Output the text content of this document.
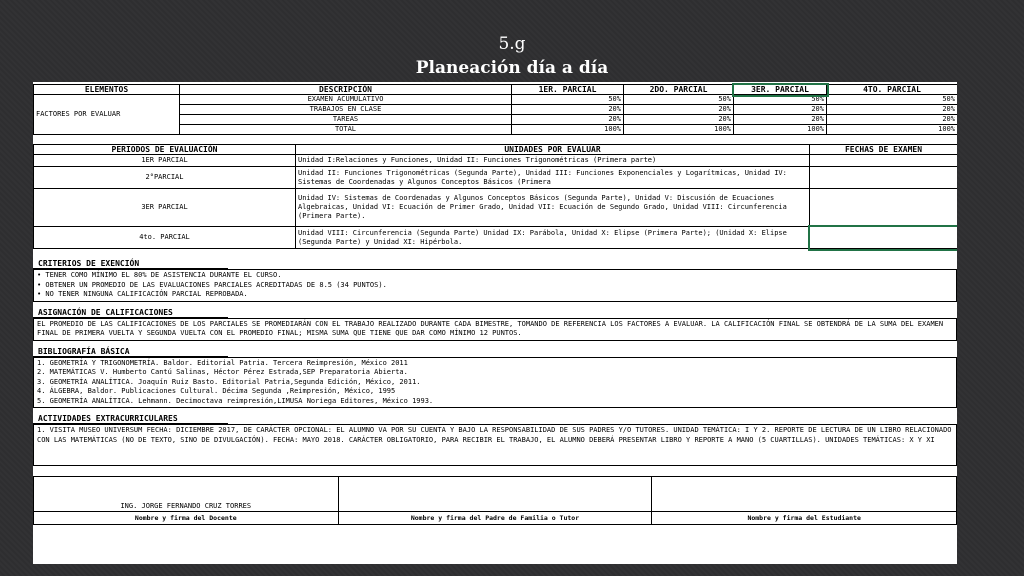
5.g
Planeación día a día
ELEMENTOS	DESCRIPCIÓN	1ER. PARCIAL	2DO. PARCIAL	3ER. PARCIAL	4TO. PARCIAL
FACTORES POR EVALUAR	EXAMEN ACUMULATIVO	50%	50%	50%	50%
	TRABAJOS EN CLASE	20%	20%	20%	20%
	TAREAS	20%	20%	20%	20%
	TOTAL	100%	100%	100%	100%
PERIODOS DE EVALUACIÓN	UNIDADES POR EVALUAR	FECHAS DE EXAMEN
1ER PARCIAL	Unidad I:Relaciones y Funciones, Unidad II: Funciones Trigonométricas (Primera parte)	
2°PARCIAL	Unidad II: Funciones Trigonométricas (Segunda Parte), Unidad III: Funciones Exponenciales y Logarítmicas, Unidad IV: Sistemas de Coordenadas y Algunos Conceptos Básicos (Primera	
3ER PARCIAL	Unidad IV: Sistemas de Coordenadas y Algunos Conceptos Básicos (Segunda Parte), Unidad V: Discusión de Ecuaciones Algebraicas, Unidad VI: Ecuación de Primer Grado, Unidad VII: Ecuación de Segundo Grado, Unidad VIII: Circunferencia (Primera Parte).	
4to. PARCIAL	Unidad VIII: Circunferencia (Segunda Parte) Unidad IX: Parábola, Unidad X: Elipse (Primera Parte); (Unidad X: Elipse (Segunda Parte) y Unidad XI: Hipérbola.	
CRITERIOS DE EXENCIÓN
• TENER COMO MÍNIMO EL 80% DE ASISTENCIA DURANTE EL CURSO.
• OBTENER UN PROMEDIO DE LAS EVALUACIONES PARCIALES ACREDITADAS DE 8.5 (34 PUNTOS).
• NO TENER NINGUNA CALIFICACIÓN PARCIAL REPROBADA.
ASIGNACIÓN DE CALIFICACIONES
EL PROMEDIO DE LAS CALIFICACIONES DE LOS PARCIALES SE PROMEDIARÁN CON EL TRABAJO REALIZADO DURANTE CADA BIMESTRE, TOMANDO DE REFERENCIA LOS FACTORES A EVALUAR. LA CALIFICACIÓN FINAL SE OBTENDRÁ DE LA SUMA DEL EXAMEN FINAL DE PRIMERA VUELTA Y SEGUNDA VUELTA CON EL PROMEDIO FINAL; MISMA SUMA QUE TIENE QUE DAR COMO MÍNIMO 12 PUNTOS.
BIBLIOGRAFÍA BÁSICA
1. GEOMETRÍA Y TRIGONOMETRÍA. Baldor. Editorial Patria. Tercera Reimpresión, México 2011
2. MATEMÁTICAS V. Humberto Cantú Salinas, Héctor Pérez Estrada,SEP Preparatoria Abierta.
3. GEOMETRÍA ANALÍTICA. Joaquín Ruiz Basto. Editorial Patria,Segunda Edición, México, 2011.
4. ÁLGEBRA, Baldor. Publicaciones Cultural. Décima Segunda ,Reimpresión, México, 1995
5. GEOMETRÍA ANALÍTICA. Lehmann. Decimoctava reimpresión,LIMUSA Noriega Editores, México 1993.
ACTIVIDADES EXTRACURRICULARES
1. VISITA MUSEO UNIVERSUM FECHA: DICIEMBRE 2017, DE CARÁCTER OPCIONAL: EL ALUMNO VA POR SU CUENTA Y BAJO LA RESPONSABILIDAD DE SUS PADRES Y/O TUTORES. UNIDAD TEMÁTICA: I Y 2. REPORTE DE LECTURA DE UN LIBRO RELACIONADO CON LAS MATEMÁTICAS (NO DE TEXTO, SINO DE DIVULGACIÓN). FECHA: MAYO 2018. CARÁCTER OBLIGATORIO, PARA RECIBIR EL TRABAJO, EL ALUMNO DEBERÁ PRESENTAR LIBRO Y REPORTE A MANO (5 CUARTILLAS). UNIDADES TEMÁTICAS: X Y XI
ING. JORGE FERNANDO CRUZ TORRES		
Nombre y firma del Docente	Nombre y firma del Padre de Familia o Tutor	Nombre y firma del Estudiante
